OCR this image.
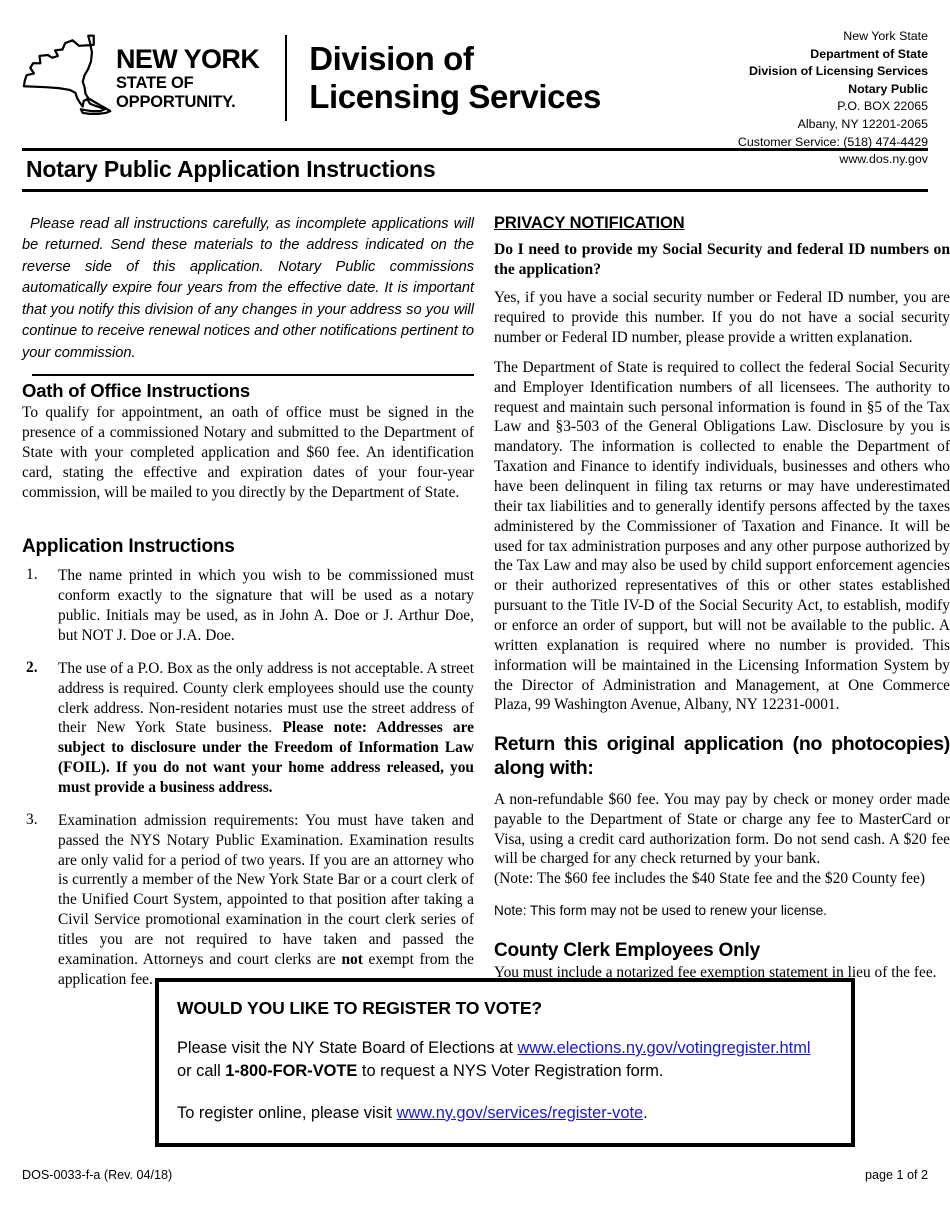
NEW YORK
STATE OF
OPPORTUNITY.
Division of
Licensing Services
New York State
Department of State
Division of Licensing Services
Notary Public
P.O. BOX 22065
Albany, NY 12201-2065
Customer Service: (518) 474-4429
www.dos.ny.gov
Notary Public Application Instructions

Please read all instructions carefully, as incomplete applications will be returned. Send these materials to the address indicated on the reverse side of this application. Notary Public commissions automatically expire four years from the effective date. It is important that you notify this division of any changes in your address so you will continue to receive renewal notices and other notifications pertinent to your commission.

Oath of Office Instructions

To qualify for appointment, an oath of office must be signed in the presence of a commissioned Notary and submitted to the Department of State with your completed application and $60 fee. An identification card, stating the effective and expiration dates of your four-year commission, will be mailed to you directly by the Department of State.

Application Instructions
1.	The name printed in which you wish to be commissioned must conform exactly to the signature that will be used as a notary public. Initials may be used, as in John A. Doe or J. Arthur Doe, but NOT J. Doe or J.A. Doe.
2.	The use of a P.O. Box as the only address is not acceptable. A street address is required. County clerk employees should use the county clerk address. Non-resident notaries must use the street address of their New York State business. Please note: Addresses are subject to disclosure under the Freedom of Information Law (FOIL). If you do not want your home address released, you must provide a business address.
3.	Examination admission requirements: You must have taken and passed the NYS Notary Public Examination. Examination results are only valid for a period of two years. If you are an attorney who is currently a member of the New York State Bar or a court clerk of the Unified Court System, appointed to that position after taking a Civil Service promotional examination in the court clerk series of titles you are not required to have taken and passed the examination. Attorneys and court clerks are not exempt from the application fee.
PRIVACY NOTIFICATION

Do I need to provide my Social Security and federal ID numbers on the application?

Yes, if you have a social security number or Federal ID number, you are required to provide this number. If you do not have a social security number or Federal ID number, please provide a written explanation.

The Department of State is required to collect the federal Social Security and Employer Identification numbers of all licensees. The authority to request and maintain such personal information is found in §5 of the Tax Law and §3-503 of the General Obligations Law. Disclosure by you is mandatory. The information is collected to enable the Department of Taxation and Finance to identify individuals, businesses and others who have been delinquent in filing tax returns or may have underestimated their tax liabilities and to generally identify persons affected by the taxes administered by the Commissioner of Taxation and Finance. It will be used for tax administration purposes and any other purpose authorized by the Tax Law and may also be used by child support enforcement agencies or their authorized representatives of this or other states established pursuant to the Title IV-D of the Social Security Act, to establish, modify or enforce an order of support, but will not be available to the public. A written explanation is required where no number is provided. This information will be maintained in the Licensing Information System by the Director of Administration and Management, at One Commerce Plaza, 99 Washington Avenue, Albany, NY 12231-0001.

Return this original application (no photocopies) along with:

A non-refundable $60 fee. You may pay by check or money order made payable to the Department of State or charge any fee to MasterCard or Visa, using a credit card authorization form. Do not send cash. A $20 fee will be charged for any check returned by your bank.

(Note: The $60 fee includes the $40 State fee and the $20 County fee)

Note: This form may not be used to renew your license.

County Clerk Employees Only

You must include a notarized fee exemption statement in lieu of the fee.

WOULD YOU LIKE TO REGISTER TO VOTE?

Please visit the NY State Board of Elections at www.elections.ny.gov/votingregister.html
or call 1-800-FOR-VOTE to request a NYS Voter Registration form.

To register online, please visit www.ny.gov/services/register-vote.

DOS-0033-f-a (Rev. 04/18)	page 1 of 2
